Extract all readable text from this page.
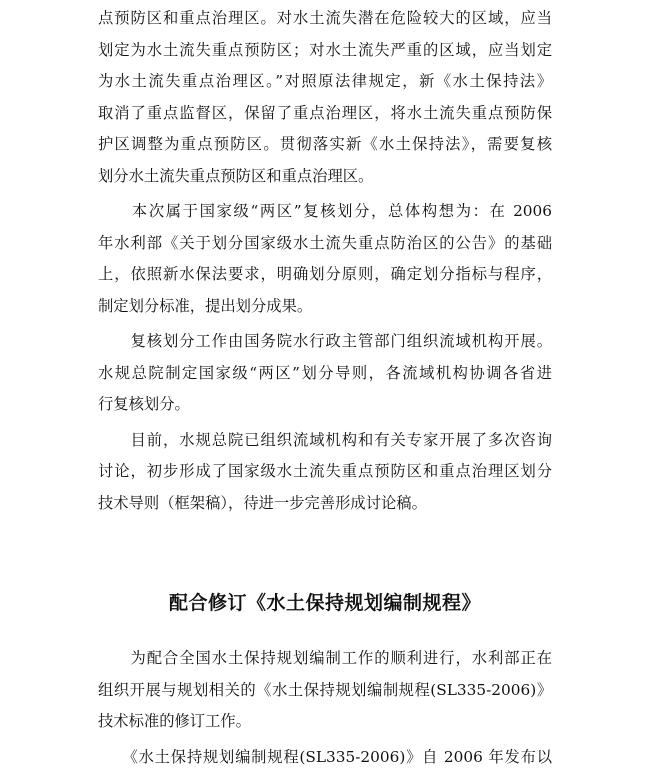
点预防区和重点治理区。对水土流失潜在危险较大的区域，应当
划定为水土流失重点预防区；对水土流失严重的区域，应当划定
为水土流失重点治理区。”对照原法律规定，新《水土保持法》
取消了重点监督区，保留了重点治理区，将水土流失重点预防保
护区调整为重点预防区。贯彻落实新《水土保持法》，需要复核
划分水土流失重点预防区和重点治理区。
　　本次属于国家级“两区”复核划分，总体构想为：在 2006
年水利部《关于划分国家级水土流失重点防治区的公告》的基础
上，依照新水保法要求，明确划分原则，确定划分指标与程序，
制定划分标准，提出划分成果。
　　复核划分工作由国务院水行政主管部门组织流域机构开展。
水规总院制定国家级“两区”划分导则，各流域机构协调各省进
行复核划分。
　　目前，水规总院已组织流域机构和有关专家开展了多次咨询
讨论，初步形成了国家级水土流失重点预防区和重点治理区划分
技术导则（框架稿），待进一步完善形成讨论稿。
配合修订《水土保持规划编制规程》
　　为配合全国水土保持规划编制工作的顺利进行，水利部正在
组织开展与规划相关的《水土保持规划编制规程(SL335-2006)》
技术标准的修订工作。
　　《水土保持规划编制规程(SL335-2006)》自 2006 年发布以
